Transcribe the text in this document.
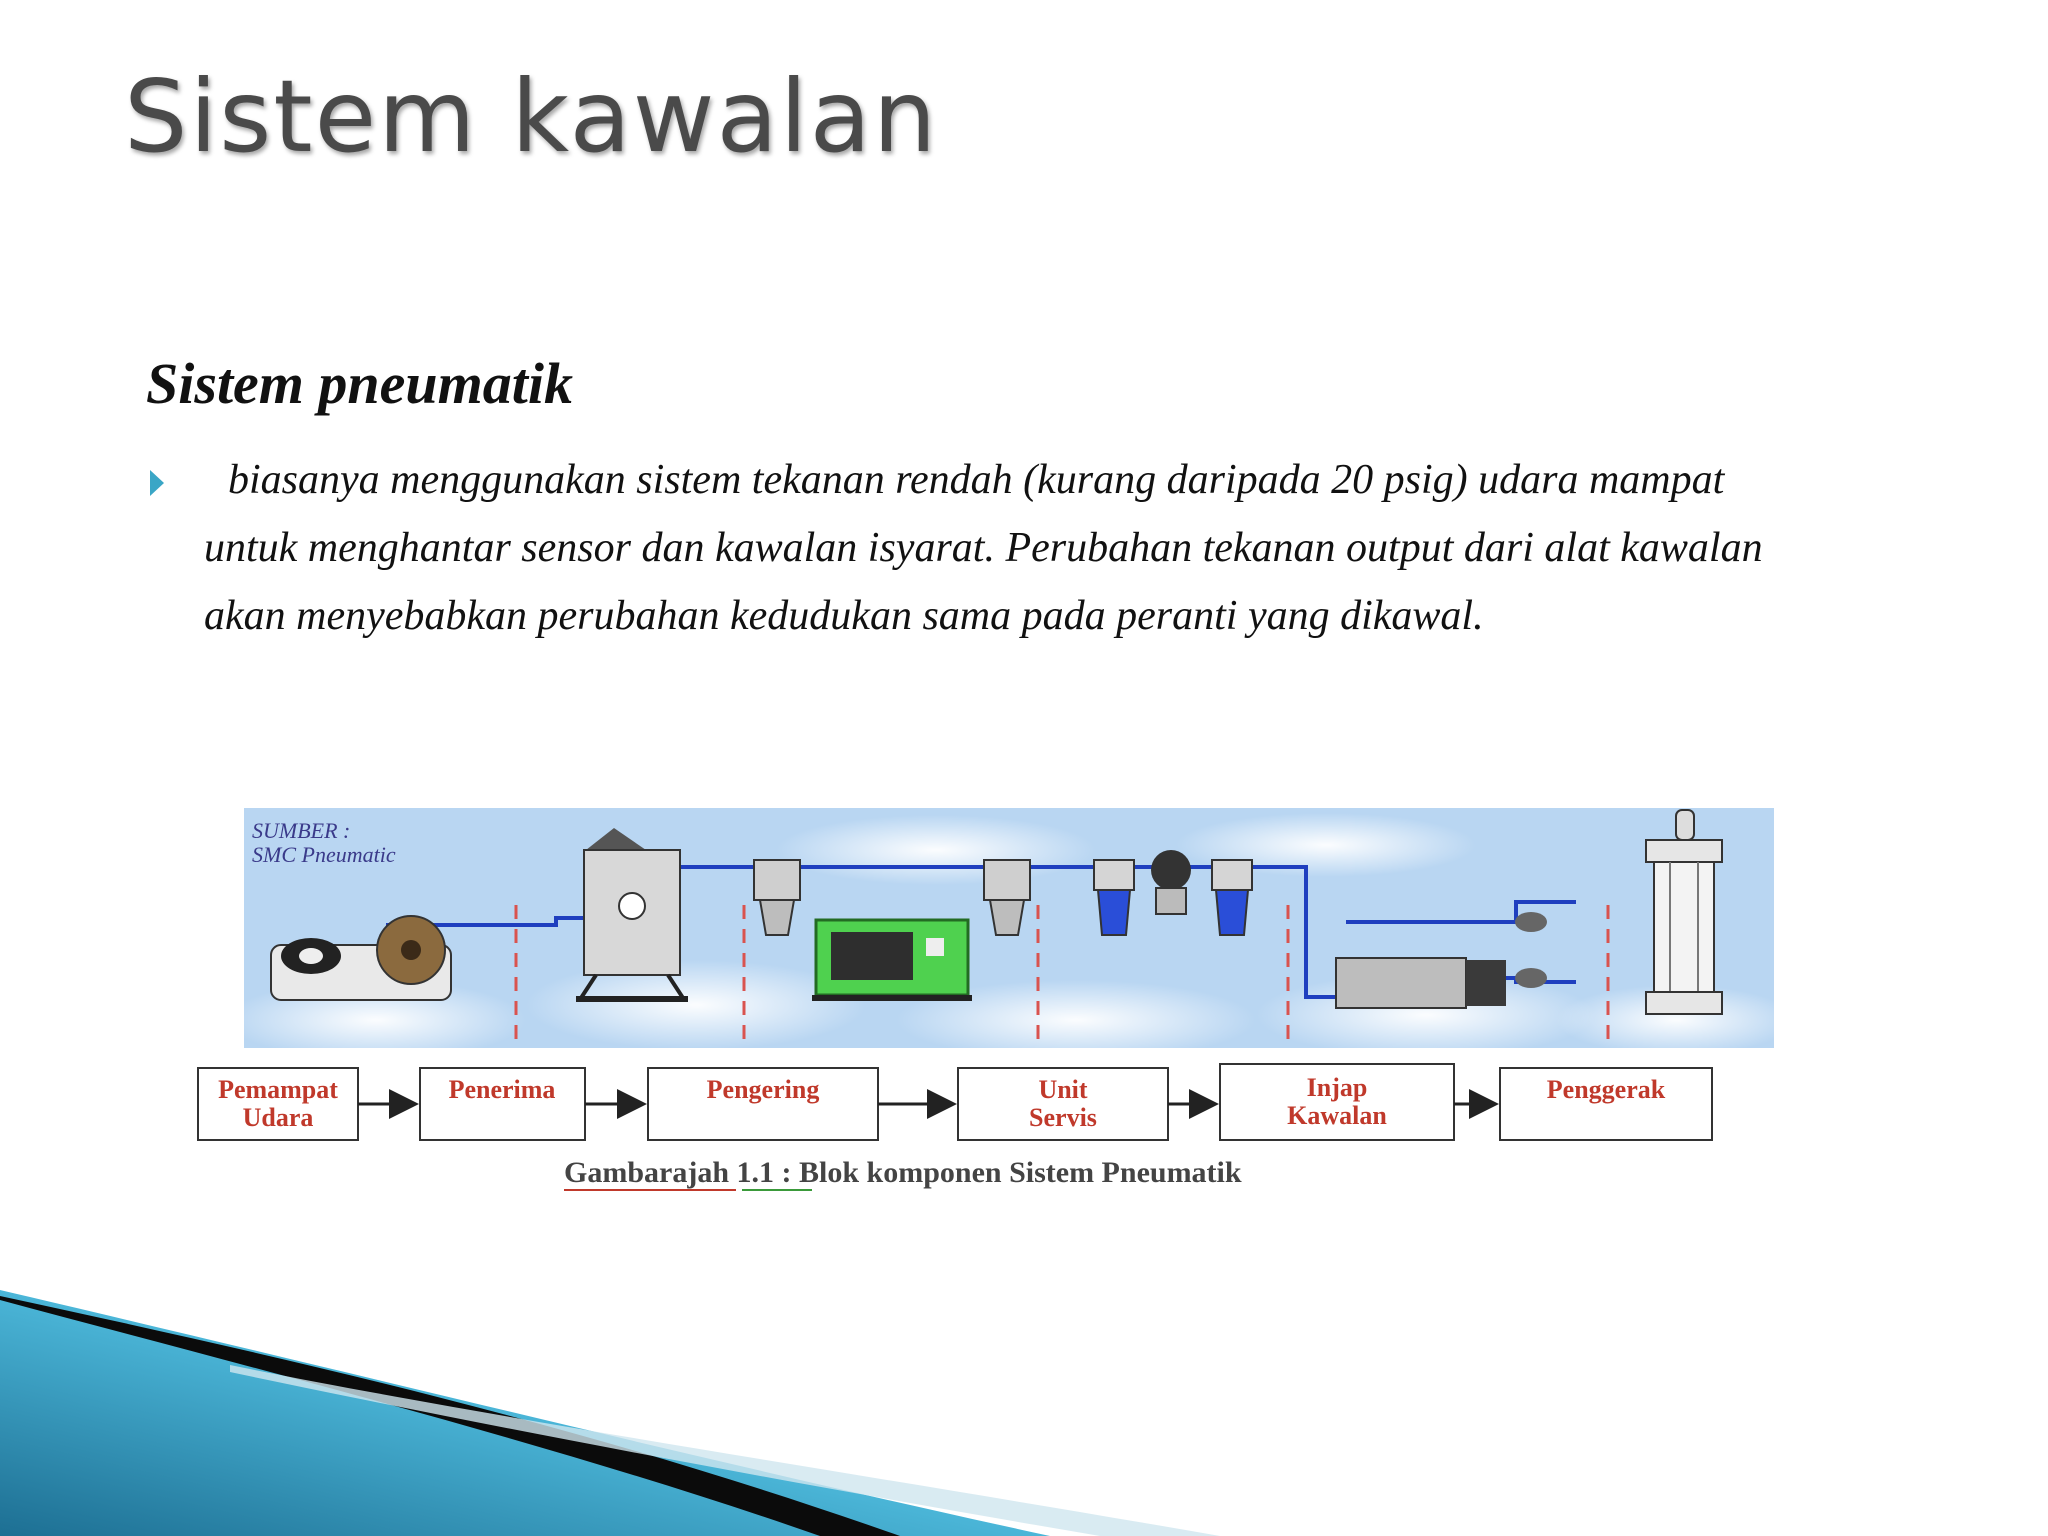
Sistem kawalan
Sistem pneumatik
biasanya menggunakan sistem tekanan rendah (kurang daripada 20 psig) udara mampat
untuk menghantar sensor dan kawalan isyarat. Perubahan tekanan output dari alat kawalan
akan menyebabkan perubahan kedudukan sama pada peranti yang dikawal.
SUMBER :
SMC Pneumatic
Pemampat
Udara
Penerima	Pengering	Unit
Servis
Injap
Kawalan
Penggerak
Gambarajah 1.1 : Blok komponen Sistem Pneumatik
